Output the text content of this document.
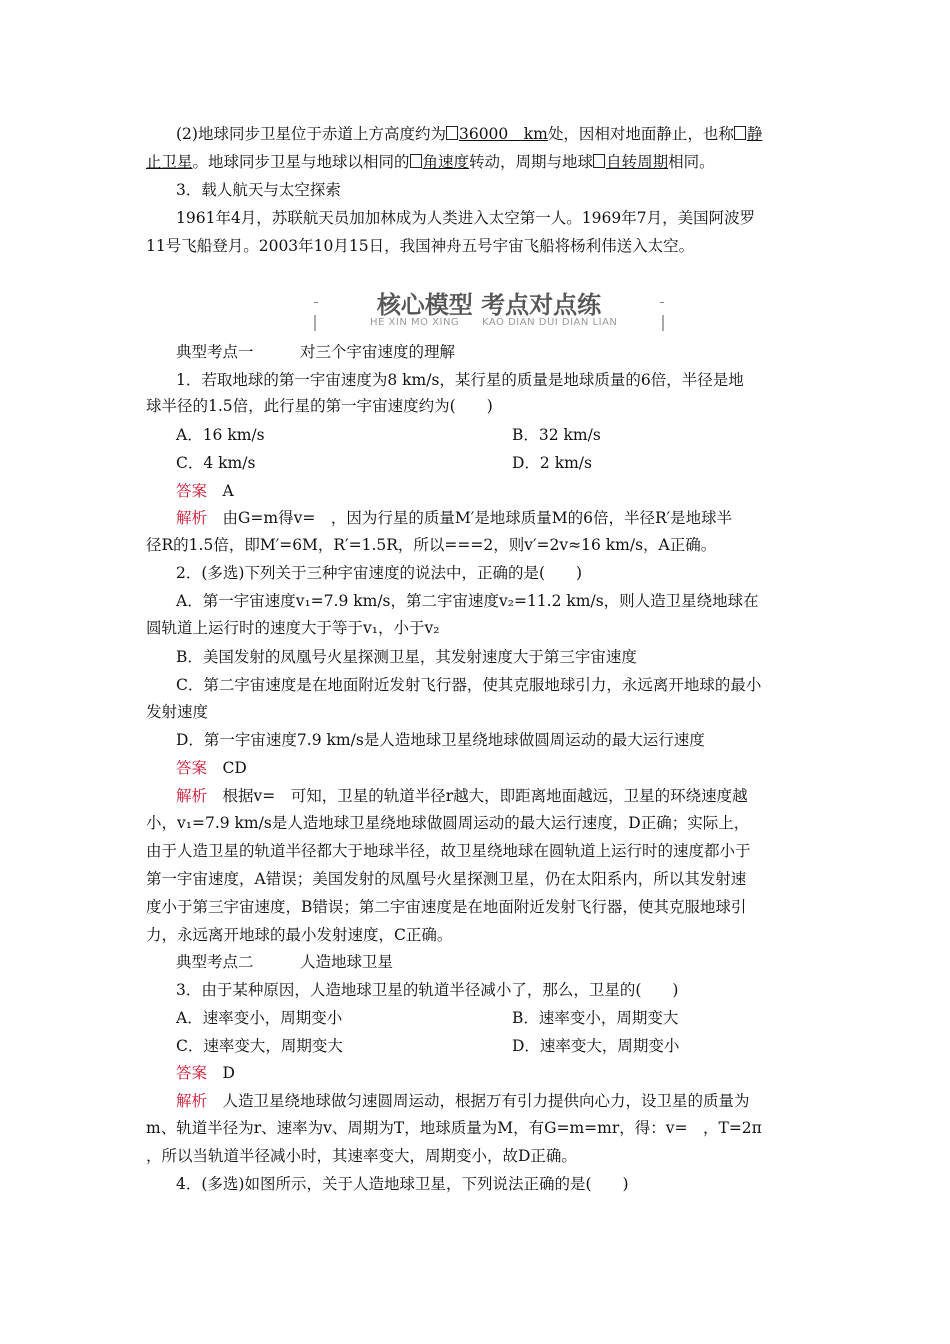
(2)地球同步卫星位于赤道上方高度约为 36000　km处，因相对地面静止，也称 静
止卫星。地球同步卫星与地球以相同的 角速度转动，周期与地球 自转周期相同。
3．载人航天与太空探索
1961年4月，苏联航天员加加林成为人类进入太空第一人。1969年7月，美国阿波罗
11号飞船登月。2003年10月15日，我国神舟五号宇宙飞船将杨利伟送入太空。
核心模型 考点对点练
HE XIN MO XING KAO DIAN DUI DIAN LIAN
典型考点一　　　对三个宇宙速度的理解
1．若取地球的第一宇宙速度为8 km/s，某行星的质量是地球质量的6倍，半径是地
球半径的1.5倍，此行星的第一宇宙速度约为(　　)
A．16 km/s	B．32 km/s
C．4 km/s	D．2 km/s
答案　 A
解析　 由G=m得v=　，因为行星的质量M′是地球质量M的6倍，半径R′是地球半
径R的1.5倍，即M′=6M，R′=1.5R，所以===2，则v′=2v≈16 km/s，A正确。
2．(多选)下列关于三种宇宙速度的说法中，正确的是(　　)
A．第一宇宙速度v₁=7.9 km/s，第二宇宙速度v₂=11.2 km/s，则人造卫星绕地球在
圆轨道上运行时的速度大于等于v₁，小于v₂
B．美国发射的凤凰号火星探测卫星，其发射速度大于第三宇宙速度
C．第二宇宙速度是在地面附近发射飞行器，使其克服地球引力，永远离开地球的最小
发射速度
D．第一宇宙速度7.9 km/s是人造地球卫星绕地球做圆周运动的最大运行速度
答案　 CD
解析　 根据v=　可知，卫星的轨道半径r越大，即距离地面越远，卫星的环绕速度越
小，v₁=7.9 km/s是人造地球卫星绕地球做圆周运动的最大运行速度，D正确；实际上，
由于人造卫星的轨道半径都大于地球半径，故卫星绕地球在圆轨道上运行时的速度都小于
第一宇宙速度，A错误；美国发射的凤凰号火星探测卫星，仍在太阳系内，所以其发射速
度小于第三宇宙速度，B错误；第二宇宙速度是在地面附近发射飞行器，使其克服地球引
力，永远离开地球的最小发射速度，C正确。
典型考点二　　　人造地球卫星
3．由于某种原因，人造地球卫星的轨道半径减小了，那么，卫星的(　　)
A．速率变小，周期变小	B．速率变小，周期变大
C．速率变大，周期变大	D．速率变大，周期变小
答案　 D
解析　 人造卫星绕地球做匀速圆周运动，根据万有引力提供向心力，设卫星的质量为
m、轨道半径为r、速率为v、周期为T，地球质量为M，有G=m=mr，得：v=　，T=2π
，所以当轨道半径减小时，其速率变大，周期变小，故D正确。
4．(多选)如图所示，关于人造地球卫星，下列说法正确的是(　　)
